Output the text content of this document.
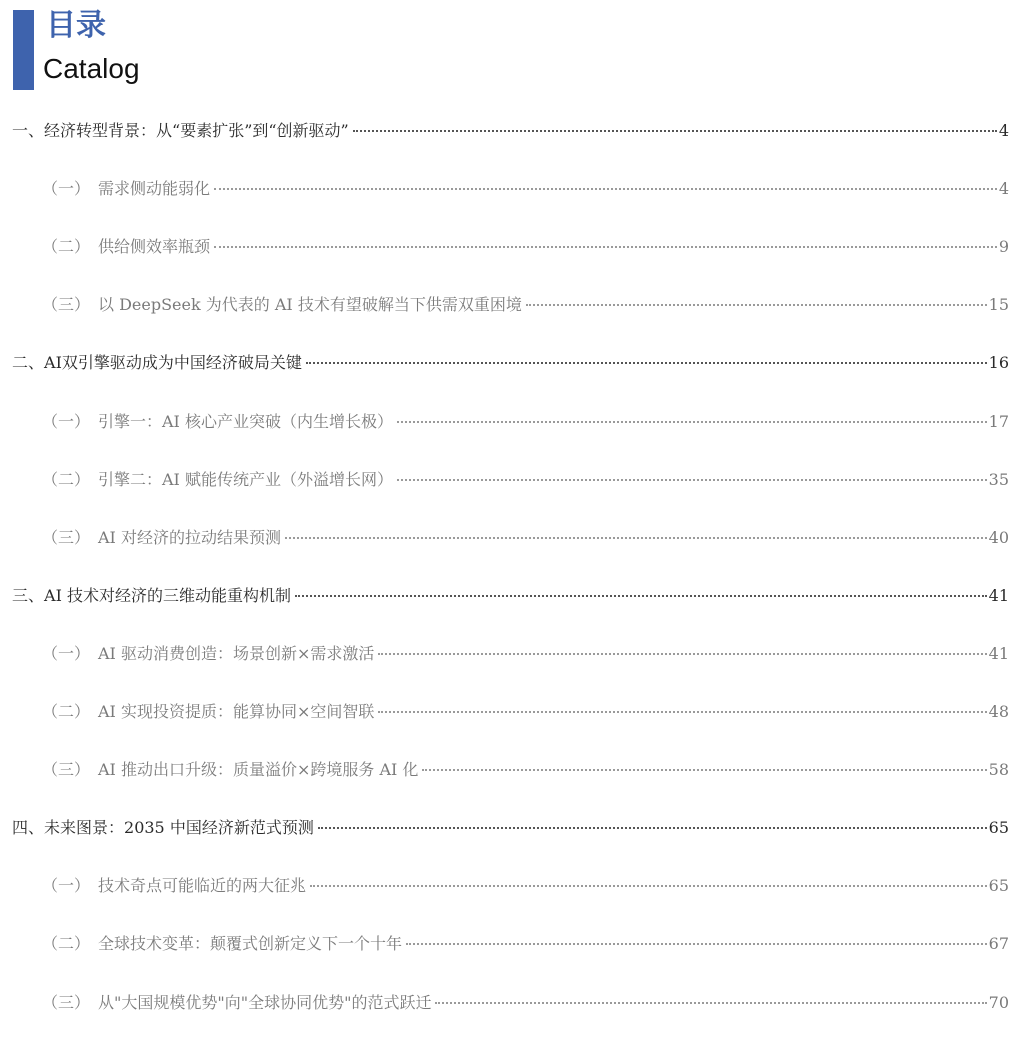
目录
Catalog
一、 经济转型背景：从“要素扩张”到“创新驱动”	4
（一） 需求侧动能弱化	4
（二） 供给侧效率瓶颈	9
（三） 以 DeepSeek 为代表的 AI 技术有望破解当下供需双重困境	15
二、 AI双引擎驱动成为中国经济破局关键	16
（一） 引擎一：AI 核心产业突破（内生增长极）	17
（二） 引擎二：AI 赋能传统产业（外溢增长网）	35
（三） AI 对经济的拉动结果预测	40
三、 AI 技术对经济的三维动能重构机制	41
（一） AI 驱动消费创造：场景创新×需求激活	41
（二） AI 实现投资提质：能算协同×空间智联	48
（三） AI 推动出口升级：质量溢价×跨境服务 AI 化	58
四、 未来图景：2035 中国经济新范式预测	65
（一） 技术奇点可能临近的两大征兆	65
（二） 全球技术变革：颠覆式创新定义下一个十年	67
（三） 从"大国规模优势"向"全球协同优势"的范式跃迁	70
